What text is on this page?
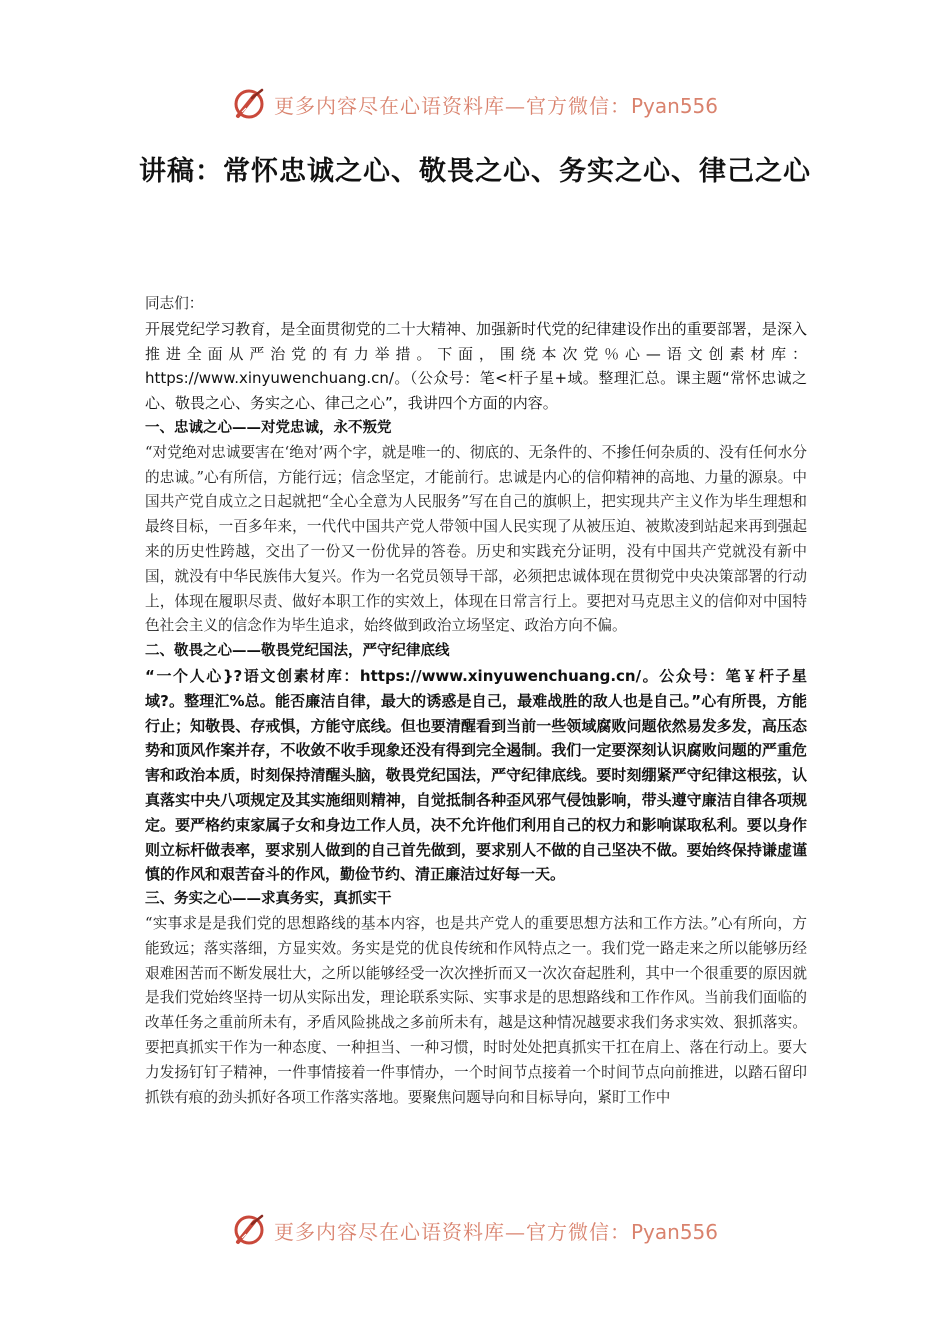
更多内容尽在心语资料库—官方微信：Pyan556
讲稿：常怀忠诚之心、敬畏之心、务实之心、律己之心

同志们：

开展党纪学习教育，是全面贯彻党的二十大精神、加强新时代党的纪律建设作出的重要部署，是深入推进全面从严治党的有力举措。下面，围绕本次党％心—语文创素材库：https://www.xinyuwenchuang.cn/。（公众号：笔<杆子星+域。整理汇总。课主题“常怀忠诚之心、敬畏之心、务实之心、律己之心”，我讲四个方面的内容。

一、忠诚之心——对党忠诚，永不叛党

“对党绝对忠诚要害在‘绝对’两个字，就是唯一的、彻底的、无条件的、不掺任何杂质的、没有任何水分的忠诚。”心有所信，方能行远；信念坚定，才能前行。忠诚是内心的信仰精神的高地、力量的源泉。中国共产党自成立之日起就把“全心全意为人民服务”写在自己的旗帜上，把实现共产主义作为毕生理想和最终目标，一百多年来，一代代中国共产党人带领中国人民实现了从被压迫、被欺凌到站起来再到强起来的历史性跨越，交出了一份又一份优异的答卷。历史和实践充分证明，没有中国共产党就没有新中国，就没有中华民族伟大复兴。作为一名党员领导干部，必须把忠诚体现在贯彻党中央决策部署的行动上，体现在履职尽责、做好本职工作的实效上，体现在日常言行上。要把对马克思主义的信仰对中国特色社会主义的信念作为毕生追求，始终做到政治立场坚定、政治方向不偏。

二、敬畏之心——敬畏党纪国法，严守纪律底线

“一个人心}?语文创素材库：https://www.xinyuwenchuang.cn/。公众号：笔￥杆子星域?。整理汇%总。能否廉洁自律，最大的诱惑是自己，最难战胜的敌人也是自己。”心有所畏，方能行止；知敬畏、存戒惧，方能守底线。但也要清醒看到当前一些领域腐败问题依然易发多发，高压态势和顶风作案并存，不收敛不收手现象还没有得到完全遏制。我们一定要深刻认识腐败问题的严重危害和政治本质，时刻保持清醒头脑，敬畏党纪国法，严守纪律底线。要时刻绷紧严守纪律这根弦，认真落实中央八项规定及其实施细则精神，自觉抵制各种歪风邪气侵蚀影响，带头遵守廉洁自律各项规定。要严格约束家属子女和身边工作人员，决不允许他们利用自己的权力和影响谋取私利。要以身作则立标杆做表率，要求别人做到的自己首先做到，要求别人不做的自己坚决不做。要始终保持谦虚谨慎的作风和艰苦奋斗的作风，勤俭节约、清正廉洁过好每一天。

三、务实之心——求真务实，真抓实干

“实事求是是我们党的思想路线的基本内容，也是共产党人的重要思想方法和工作方法。”心有所向，方能致远；落实落细，方显实效。务实是党的优良传统和作风特点之一。我们党一路走来之所以能够历经艰难困苦而不断发展壮大，之所以能够经受一次次挫折而又一次次奋起胜利，其中一个很重要的原因就是我们党始终坚持一切从实际出发，理论联系实际、实事求是的思想路线和工作作风。当前我们面临的改革任务之重前所未有，矛盾风险挑战之多前所未有，越是这种情况越要求我们务求实效、狠抓落实。要把真抓实干作为一种态度、一种担当、一种习惯，时时处处把真抓实干扛在肩上、落在行动上。要大力发扬钉钉子精神，一件事情接着一件事情办，一个时间节点接着一个时间节点向前推进，以踏石留印抓铁有痕的劲头抓好各项工作落实落地。要聚焦问题导向和目标导向，紧盯工作中

更多内容尽在心语资料库—官方微信：Pyan556
